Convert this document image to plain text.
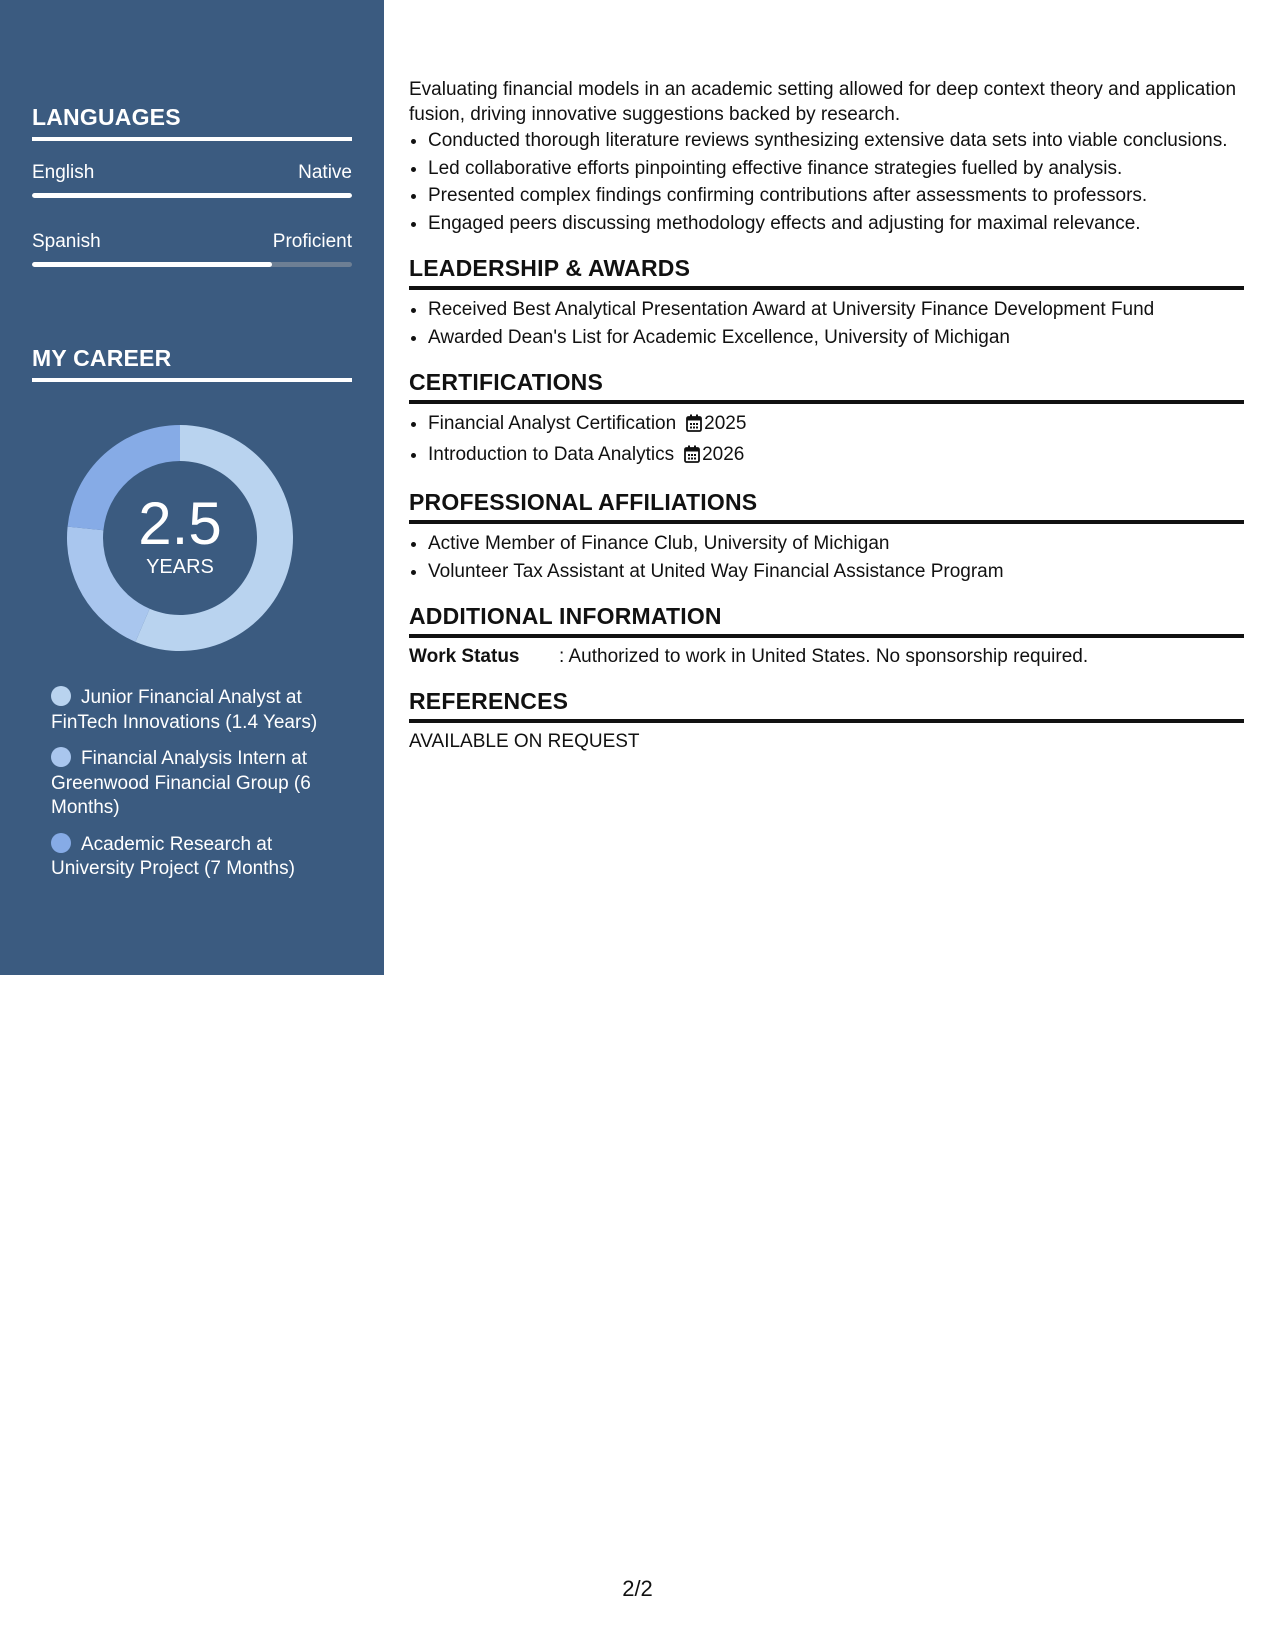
LANGUAGES
English	Native
Spanish	Proficient
MY CAREER
2.5
YEARS
Junior Financial Analyst at FinTech Innovations (1.4 Years)
Financial Analysis Intern at Greenwood Financial Group (6 Months)
Academic Research at University Project (7 Months)

Evaluating financial models in an academic setting allowed for deep context theory and application fusion, driving innovative suggestions backed by research.

• Conducted thorough literature reviews synthesizing extensive data sets into viable conclusions.
• Led collaborative efforts pinpointing effective finance strategies fuelled by analysis.
• Presented complex findings confirming contributions after assessments to professors.
• Engaged peers discussing methodology effects and adjusting for maximal relevance.
LEADERSHIP & AWARDS
• Received Best Analytical Presentation Award at University Finance Development Fund
• Awarded Dean's List for Academic Excellence, University of Michigan
CERTIFICATIONS
• Financial Analyst Certification 2025
• Introduction to Data Analytics 2026
PROFESSIONAL AFFILIATIONS
• Active Member of Finance Club, University of Michigan
• Volunteer Tax Assistant at United Way Financial Assistance Program
ADDITIONAL INFORMATION
Work Status	: Authorized to work in United States. No sponsorship required.
REFERENCES

AVAILABLE ON REQUEST

2/2
